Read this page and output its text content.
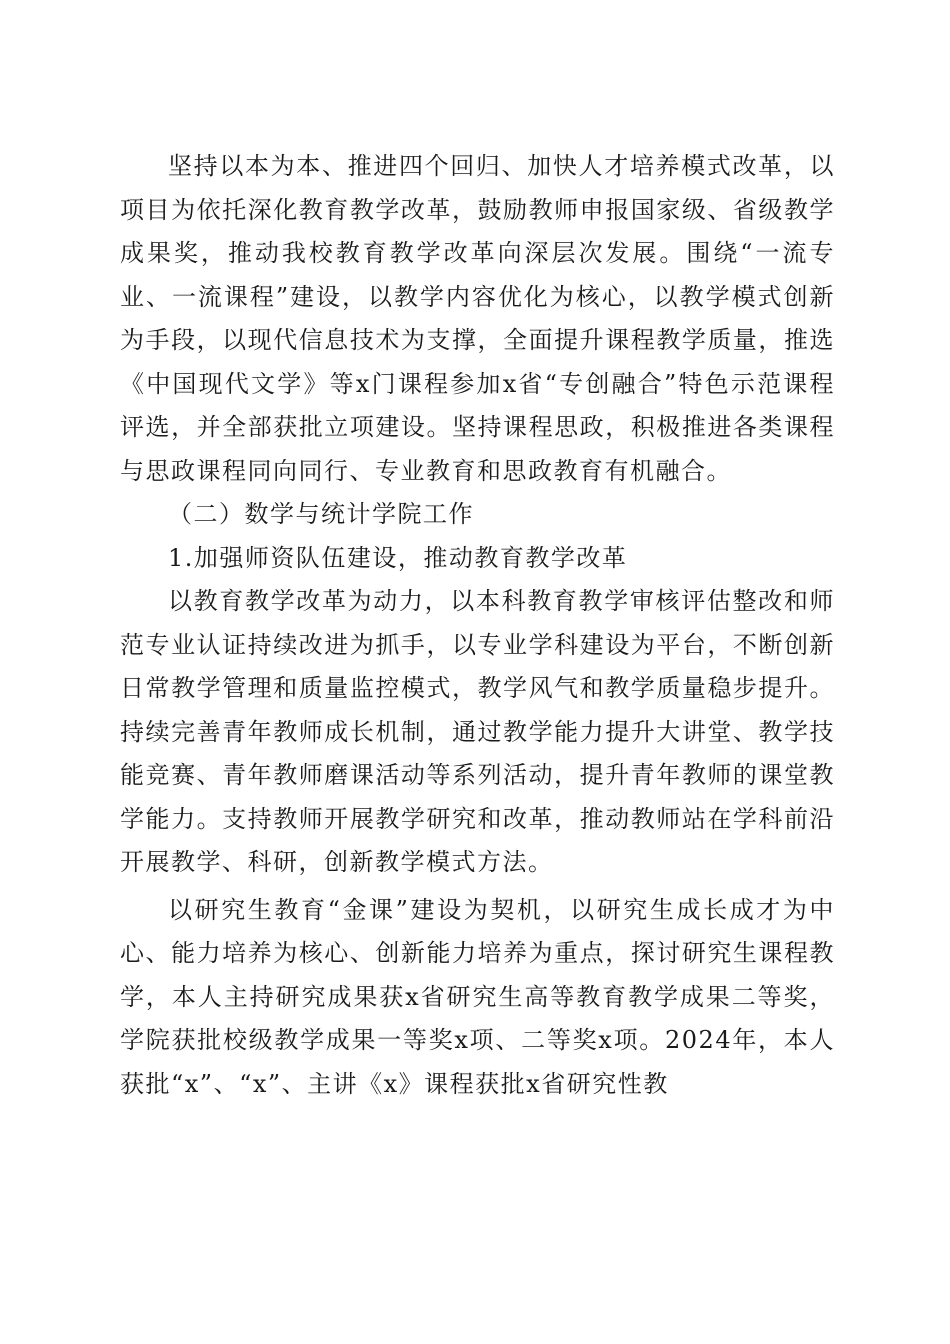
坚持以本为本、推进四个回归、加快人才培养模式改革，以项目为依托深化教育教学改革，鼓励教师申报国家级、省级教学成果奖，推动我校教育教学改革向深层次发展。围绕“一流专业、一流课程”建设，以教学内容优化为核心，以教学模式创新为手段，以现代信息技术为支撑，全面提升课程教学质量，推选《中国现代文学》等x门课程参加x省“专创融合”特色示范课程评选，并全部获批立项建设。坚持课程思政，积极推进各类课程与思政课程同向同行、专业教育和思政教育有机融合。

（二）数学与统计学院工作

1.加强师资队伍建设，推动教育教学改革

以教育教学改革为动力，以本科教育教学审核评估整改和师范专业认证持续改进为抓手，以专业学科建设为平台，不断创新日常教学管理和质量监控模式，教学风气和教学质量稳步提升。持续完善青年教师成长机制，通过教学能力提升大讲堂、教学技能竞赛、青年教师磨课活动等系列活动，提升青年教师的课堂教学能力。支持教师开展教学研究和改革，推动教师站在学科前沿开展教学、科研，创新教学模式方法。

以研究生教育“金课”建设为契机，以研究生成长成才为中心、能力培养为核心、创新能力培养为重点，探讨研究生课程教学，本人主持研究成果获x省研究生高等教育教学成果二等奖，学院获批校级教学成果一等奖x项、二等奖x项。2024年，本人获批“x”、“x”、主讲《x》课程获批x省研究性教
